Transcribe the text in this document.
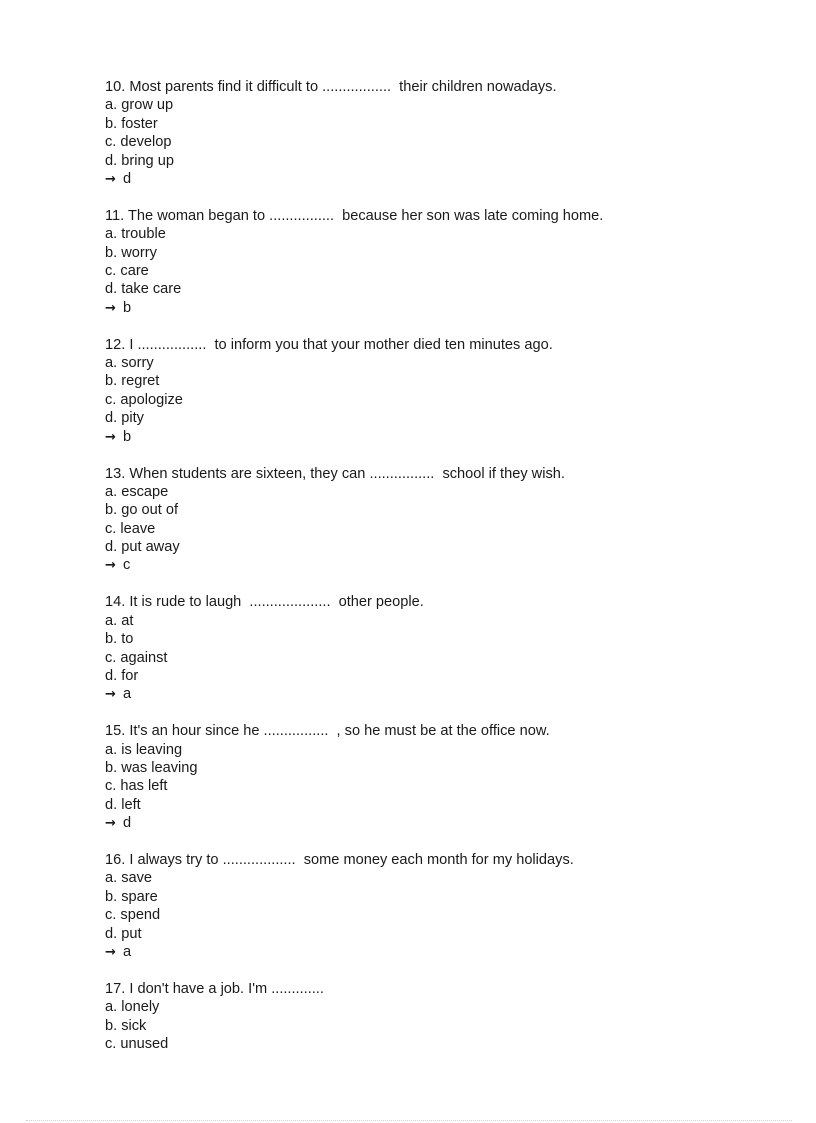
10. Most parents find it difficult to .................  their children nowadays.
a. grow up
b. foster
c. develop
d. bring up
→ d
11. The woman began to ................  because her son was late coming home.
a. trouble
b. worry
c. care
d. take care
→ b
12. I .................  to inform you that your mother died ten minutes ago.
a. sorry
b. regret
c. apologize
d. pity
→ b
13. When students are sixteen, they can ................  school if they wish.
a. escape
b. go out of
c. leave
d. put away
→ c
14. It is rude to laugh  ....................  other people.
a. at
b. to
c. against
d. for
→ a
15. It's an hour since he ................  , so he must be at the office now.
a. is leaving
b. was leaving
c. has left
d. left
→ d
16. I always try to ..................  some money each month for my holidays.
a. save
b. spare
c. spend
d. put
→ a
17. I don't have a job. I'm .............
a. lonely
b. sick
c. unused
